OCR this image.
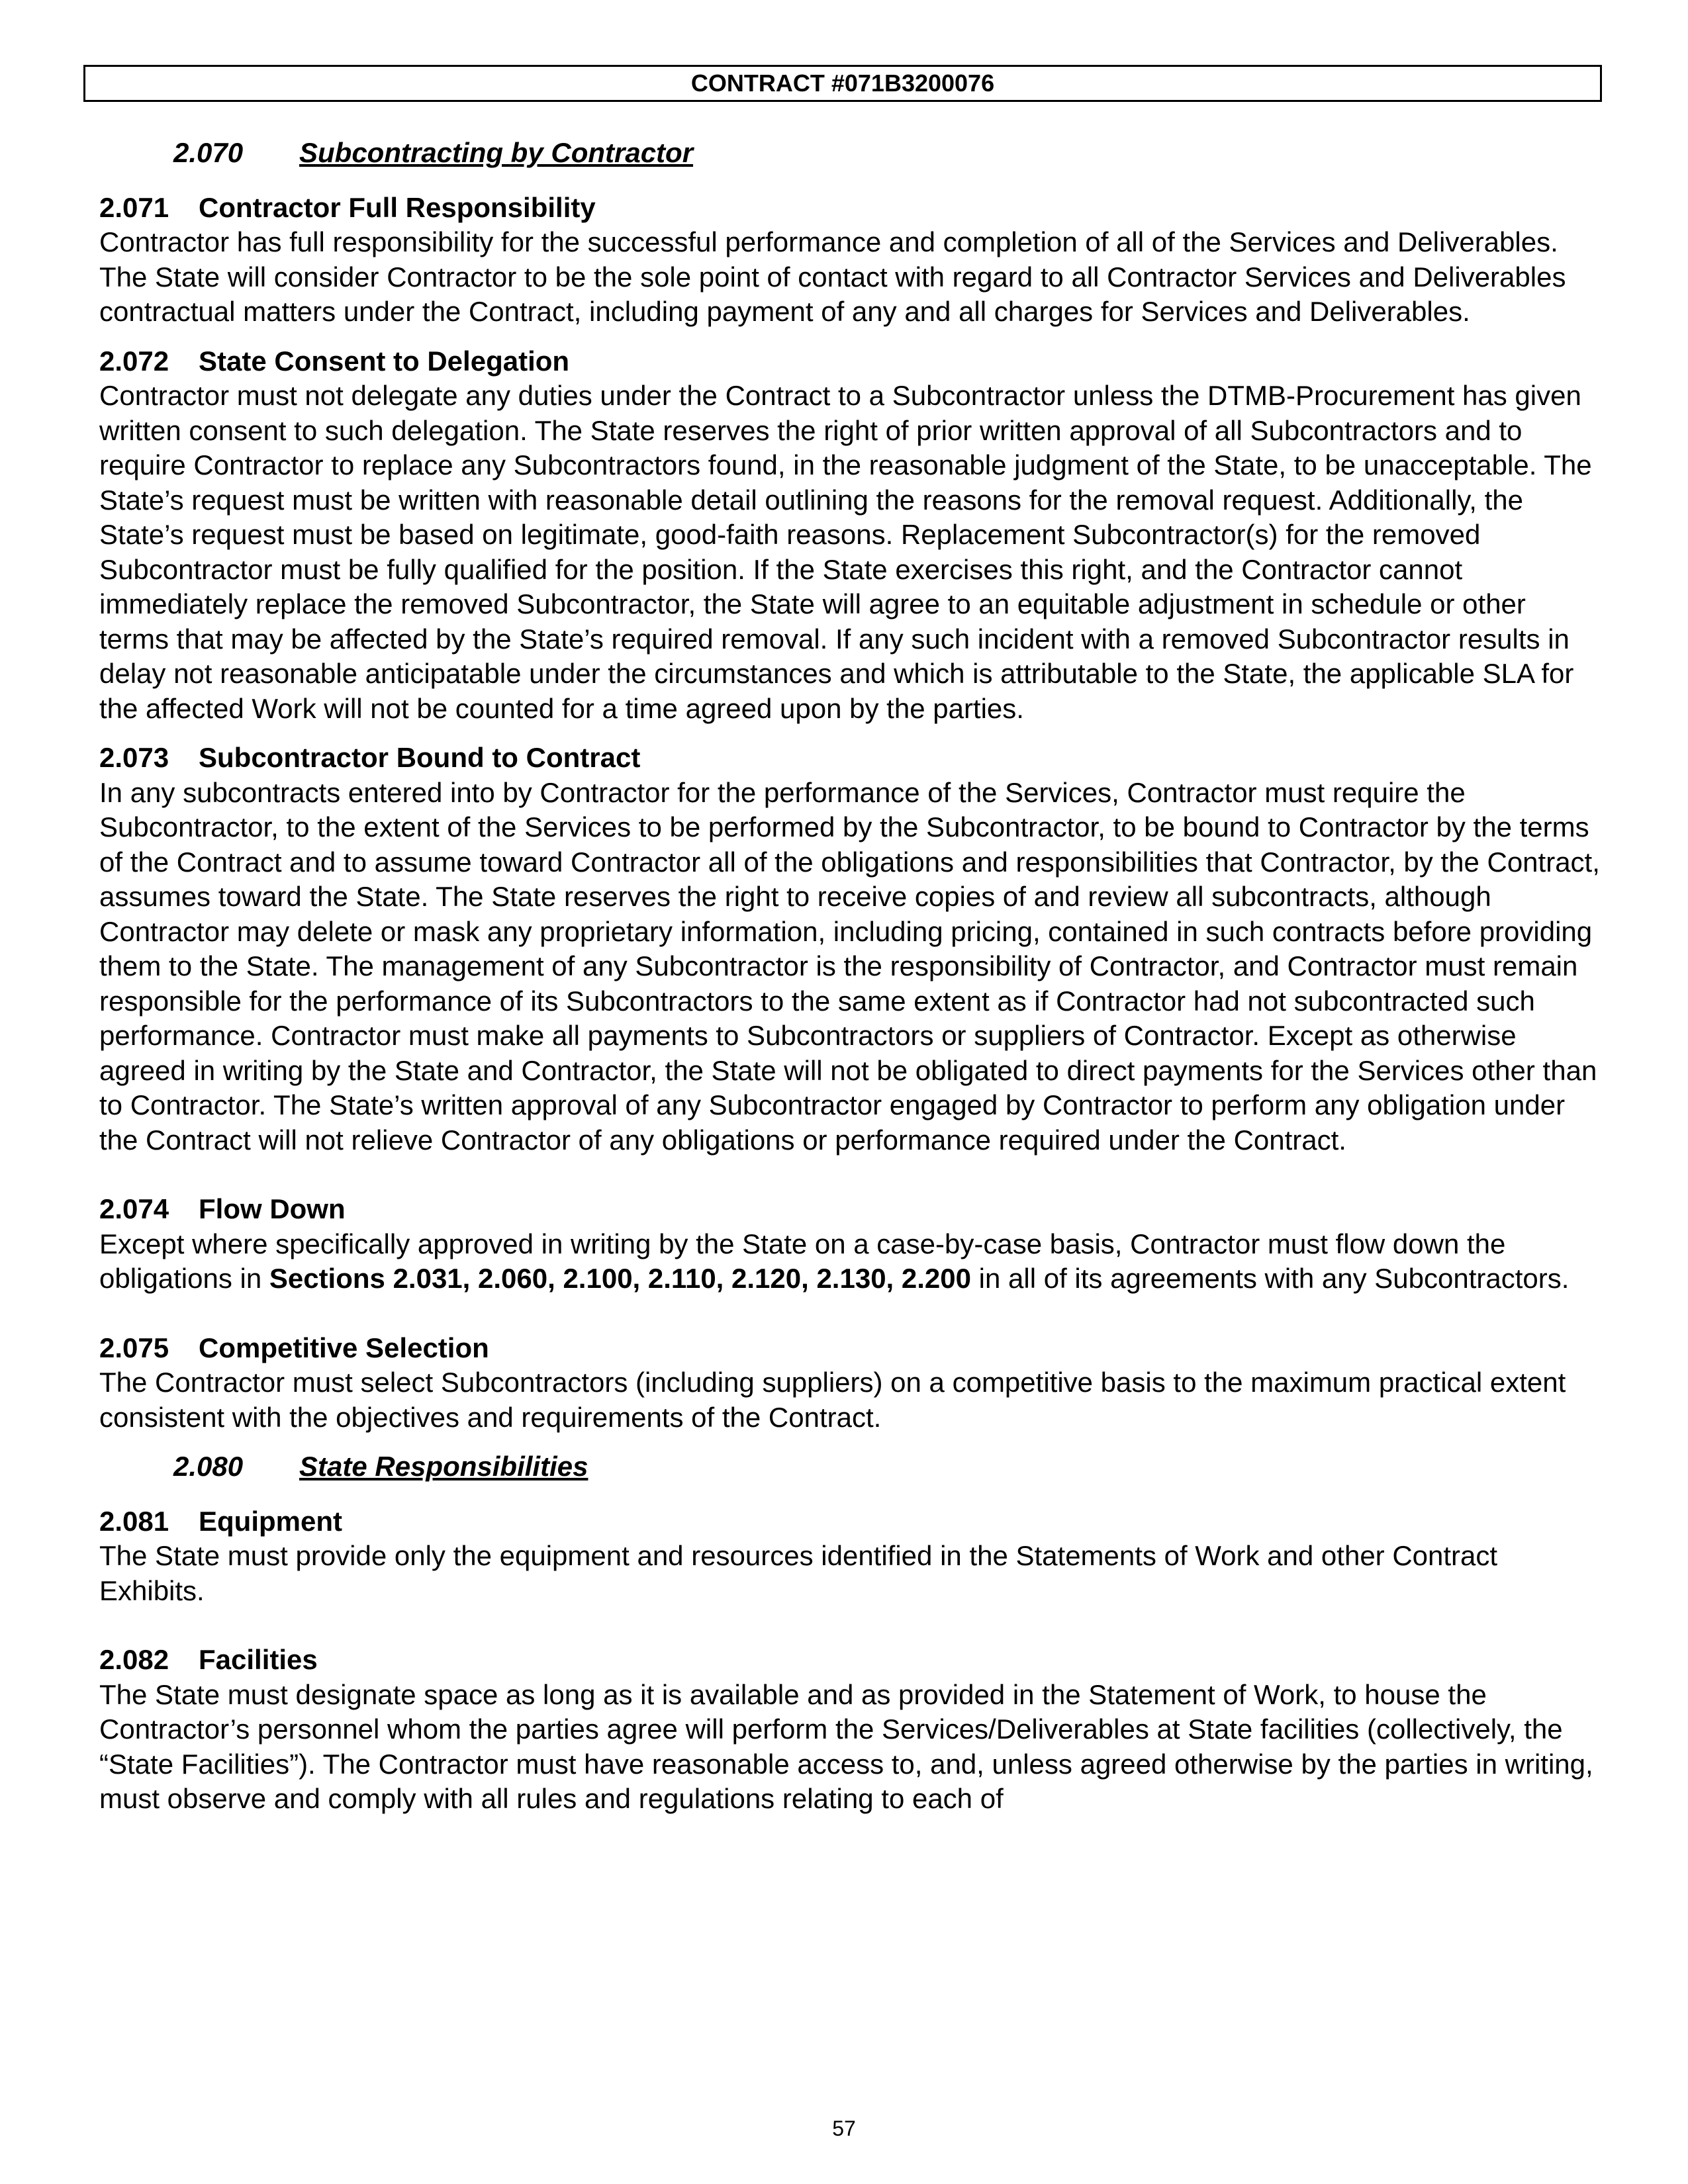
CONTRACT #071B3200076

2.070 Subcontracting by Contractor

2.071 Contractor Full Responsibility

Contractor has full responsibility for the successful performance and completion of all of the Services and Deliverables. The State will consider Contractor to be the sole point of contact with regard to all Contractor Services and Deliverables contractual matters under the Contract, including payment of any and all charges for Services and Deliverables.

2.072 State Consent to Delegation

Contractor must not delegate any duties under the Contract to a Subcontractor unless the DTMB-Procurement has given written consent to such delegation. The State reserves the right of prior written approval of all Subcontractors and to require Contractor to replace any Subcontractors found, in the reasonable judgment of the State, to be unacceptable. The State’s request must be written with reasonable detail outlining the reasons for the removal request. Additionally, the State’s request must be based on legitimate, good-faith reasons. Replacement Subcontractor(s) for the removed Subcontractor must be fully qualified for the position. If the State exercises this right, and the Contractor cannot immediately replace the removed Subcontractor, the State will agree to an equitable adjustment in schedule or other terms that may be affected by the State’s required removal. If any such incident with a removed Subcontractor results in delay not reasonable anticipatable under the circumstances and which is attributable to the State, the applicable SLA for the affected Work will not be counted for a time agreed upon by the parties.

2.073 Subcontractor Bound to Contract

In any subcontracts entered into by Contractor for the performance of the Services, Contractor must require the Subcontractor, to the extent of the Services to be performed by the Subcontractor, to be bound to Contractor by the terms of the Contract and to assume toward Contractor all of the obligations and responsibilities that Contractor, by the Contract, assumes toward the State. The State reserves the right to receive copies of and review all subcontracts, although Contractor may delete or mask any proprietary information, including pricing, contained in such contracts before providing them to the State. The management of any Subcontractor is the responsibility of Contractor, and Contractor must remain responsible for the performance of its Subcontractors to the same extent as if Contractor had not subcontracted such performance. Contractor must make all payments to Subcontractors or suppliers of Contractor. Except as otherwise agreed in writing by the State and Contractor, the State will not be obligated to direct payments for the Services other than to Contractor. The State’s written approval of any Subcontractor engaged by Contractor to perform any obligation under the Contract will not relieve Contractor of any obligations or performance required under the Contract.

2.074 Flow Down

Except where specifically approved in writing by the State on a case-by-case basis, Contractor must flow down the obligations in Sections 2.031, 2.060, 2.100, 2.110, 2.120, 2.130, 2.200 in all of its agreements with any Subcontractors.

2.075 Competitive Selection

The Contractor must select Subcontractors (including suppliers) on a competitive basis to the maximum practical extent consistent with the objectives and requirements of the Contract.

2.080 State Responsibilities

2.081 Equipment

The State must provide only the equipment and resources identified in the Statements of Work and other Contract Exhibits.

2.082 Facilities

The State must designate space as long as it is available and as provided in the Statement of Work, to house the Contractor’s personnel whom the parties agree will perform the Services/Deliverables at State facilities (collectively, the “State Facilities”). The Contractor must have reasonable access to, and, unless agreed otherwise by the parties in writing, must observe and comply with all rules and regulations relating to each of

57
